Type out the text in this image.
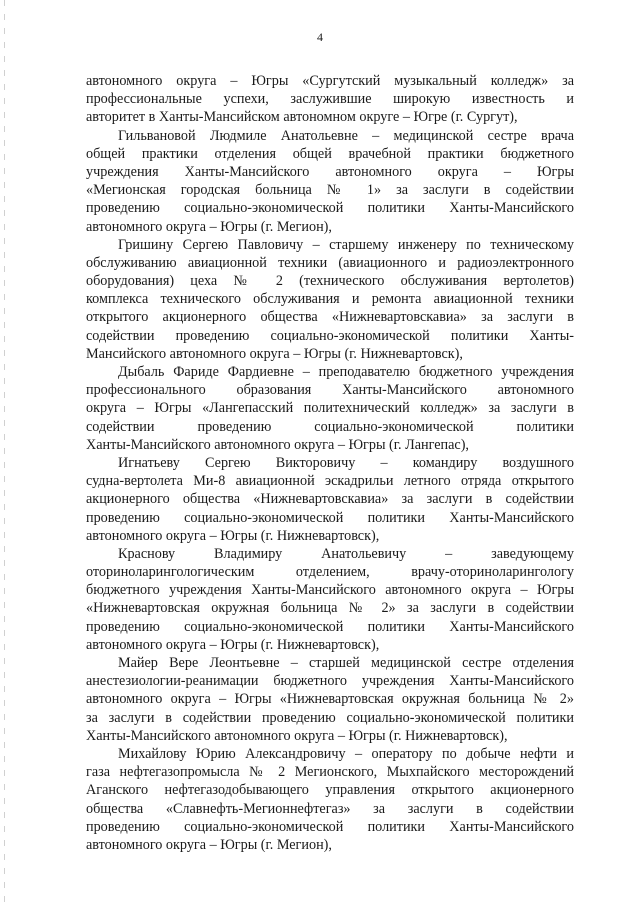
4
автономного округа – Югры «Сургутский музыкальный колледж» за
профессиональные успехи, заслужившие широкую известность и
авторитет в Ханты-Мансийском автономном округе – Югре (г. Сургут),
Гильвановой Людмиле Анатольевне – медицинской сестре врача
общей практики отделения общей врачебной практики бюджетного
учреждения Ханты-Мансийского автономного округа – Югры
«Мегионская городская больница № 1» за заслуги в содействии
проведению социально-экономической политики Ханты-Мансийского
автономного округа – Югры (г. Мегион),
Гришину Сергею Павловичу – старшему инженеру по техническому
обслуживанию авиационной техники (авиационного и радиоэлектронного
оборудования) цеха № 2 (технического обслуживания вертолетов)
комплекса технического обслуживания и ремонта авиационной техники
открытого акционерного общества «Нижневартовскавиа» за заслуги в
содействии проведению социально-экономической политики Ханты-
Мансийского автономного округа – Югры (г. Нижневартовск),
Дыбаль Фариде Фардиевне – преподавателю бюджетного учреждения
профессионального образования Ханты-Мансийского автономного
округа – Югры «Лангепасский политехнический колледж» за заслуги в
содействии проведению социально-экономической политики
Ханты-Мансийского автономного округа – Югры (г. Лангепас),
Игнатьеву Сергею Викторовичу – командиру воздушного
судна-вертолета Ми-8 авиационной эскадрильи летного отряда открытого
акционерного общества «Нижневартовскавиа» за заслуги в содействии
проведению социально-экономической политики Ханты-Мансийского
автономного округа – Югры (г. Нижневартовск),
Краснову Владимиру Анатольевичу – заведующему
оториноларингологическим отделением, врачу-оториноларингологу
бюджетного учреждения Ханты-Мансийского автономного округа – Югры
«Нижневартовская окружная больница № 2» за заслуги в содействии
проведению социально-экономической политики Ханты-Мансийского
автономного округа – Югры (г. Нижневартовск),
Майер Вере Леонтьевне – старшей медицинской сестре отделения
анестезиологии-реанимации бюджетного учреждения Ханты-Мансийского
автономного округа – Югры «Нижневартовская окружная больница № 2»
за заслуги в содействии проведению социально-экономической политики
Ханты-Мансийского автономного округа – Югры (г. Нижневартовск),
Михайлову Юрию Александровичу – оператору по добыче нефти и
газа нефтегазопромысла № 2 Мегионского, Мыхпайского месторождений
Аганского нефтегазодобывающего управления открытого акционерного
общества «Славнефть-Мегионнефтегаз» за заслуги в содействии
проведению социально-экономической политики Ханты-Мансийского
автономного округа – Югры (г. Мегион),
